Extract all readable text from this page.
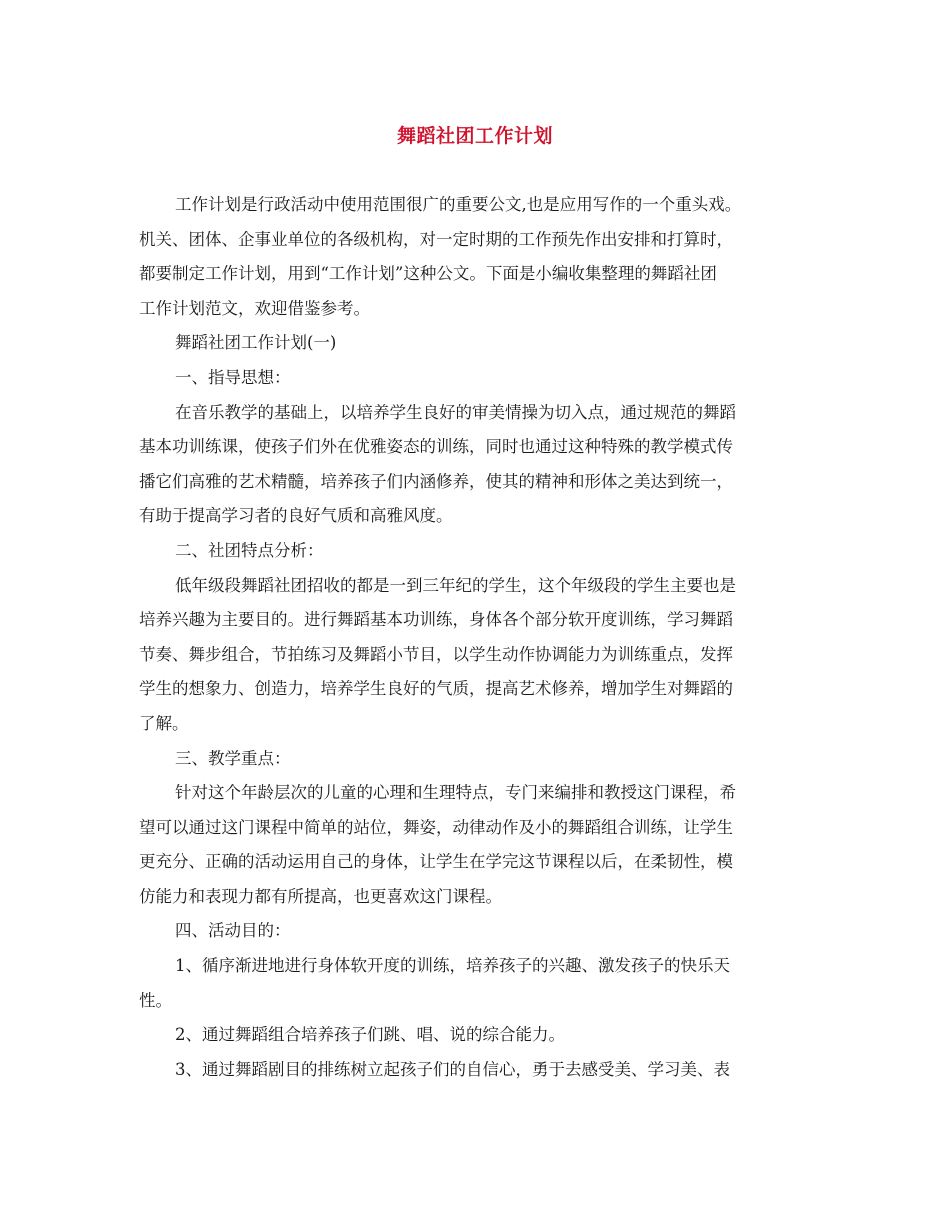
舞蹈社团工作计划
工作计划是行政活动中使用范围很广的重要公文,也是应用写作的一个重头戏。
机关、团体、企事业单位的各级机构，对一定时期的工作预先作出安排和打算时，
都要制定工作计划，用到“工作计划”这种公文。下面是小编收集整理的舞蹈社团
工作计划范文，欢迎借鉴参考。
舞蹈社团工作计划(一)
一、指导思想：
在音乐教学的基础上，以培养学生良好的审美情操为切入点，通过规范的舞蹈
基本功训练课，使孩子们外在优雅姿态的训练，同时也通过这种特殊的教学模式传
播它们高雅的艺术精髓，培养孩子们内涵修养，使其的精神和形体之美达到统一，
有助于提高学习者的良好气质和高雅风度。
二、社团特点分析：
低年级段舞蹈社团招收的都是一到三年纪的学生，这个年级段的学生主要也是
培养兴趣为主要目的。进行舞蹈基本功训练，身体各个部分软开度训练，学习舞蹈
节奏、舞步组合，节拍练习及舞蹈小节目，以学生动作协调能力为训练重点，发挥
学生的想象力、创造力，培养学生良好的气质，提高艺术修养，增加学生对舞蹈的
了解。
三、教学重点：
针对这个年龄层次的儿童的心理和生理特点，专门来编排和教授这门课程，希
望可以通过这门课程中简单的站位，舞姿，动律动作及小的舞蹈组合训练，让学生
更充分、正确的活动运用自己的身体，让学生在学完这节课程以后，在柔韧性，模
仿能力和表现力都有所提高，也更喜欢这门课程。
四、活动目的：
1、循序渐进地进行身体软开度的训练，培养孩子的兴趣、激发孩子的快乐天
性。
2、通过舞蹈组合培养孩子们跳、唱、说的综合能力。
3、通过舞蹈剧目的排练树立起孩子们的自信心，勇于去感受美、学习美、表
